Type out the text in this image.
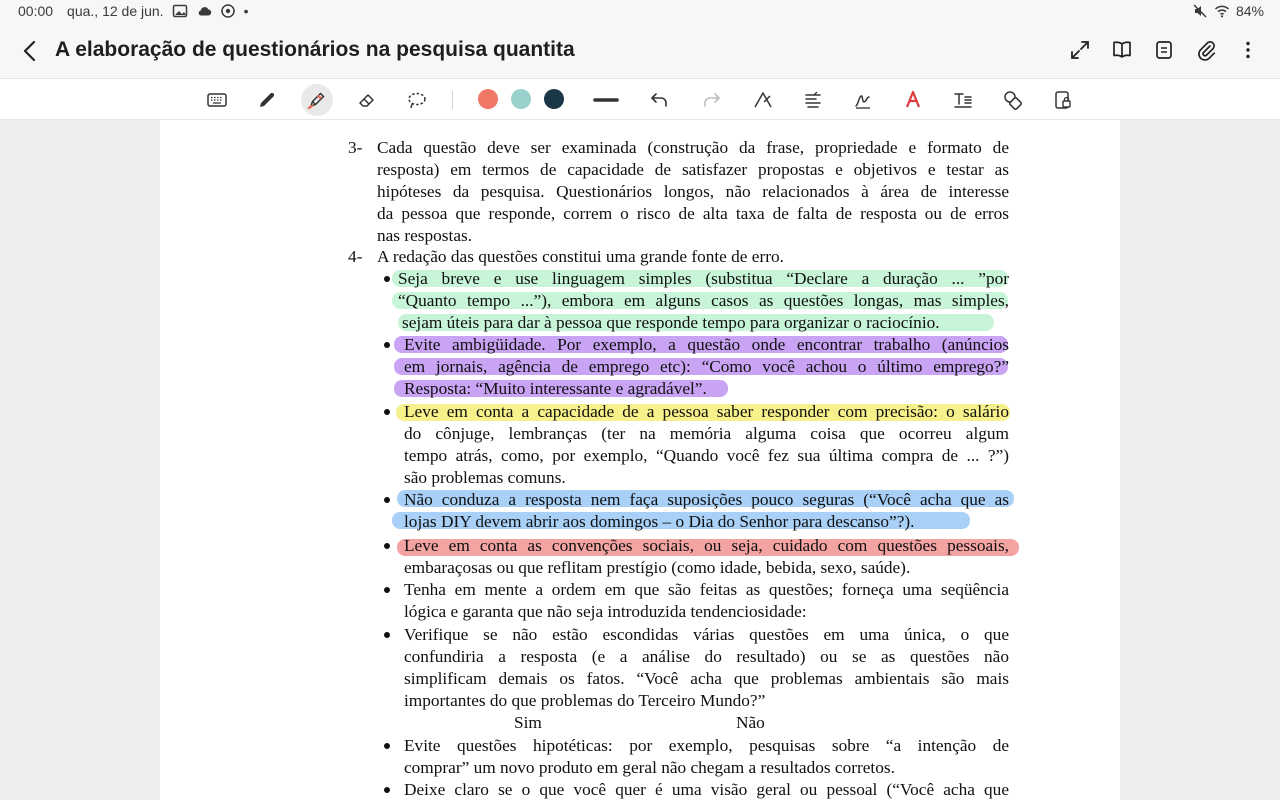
00:00 qua., 12 de jun.	•	84%
A elaboração de questionários na pesquisa quantita
3- Cada questão deve ser examinada (construção da frase, propriedade e formato de
resposta) em termos de capacidade de satisfazer propostas e objetivos e testar as
hipóteses da pesquisa. Questionários longos, não relacionados à área de interesse
da pessoa que responde, correm o risco de alta taxa de falta de resposta ou de erros
nas respostas.
4- A redação das questões constitui uma grande fonte de erro.
Seja breve e use linguagem simples (substitua “Declare a duração ... ”por
“Quanto tempo ...”), embora em alguns casos as questões longas, mas simples,
sejam úteis para dar à pessoa que responde tempo para organizar o raciocínio.
Evite ambigüidade. Por exemplo, a questão onde encontrar trabalho (anúncios
em jornais, agência de emprego etc): “Como você achou o último emprego?”
Resposta: “Muito interessante e agradável”.
Leve em conta a capacidade de a pessoa saber responder com precisão: o salário
do cônjuge, lembranças (ter na memória alguma coisa que ocorreu algum
tempo atrás, como, por exemplo, “Quando você fez sua última compra de ... ?”)
são problemas comuns.
Não conduza a resposta nem faça suposições pouco seguras (“Você acha que as
lojas DIY devem abrir aos domingos – o Dia do Senhor para descanso”?).
Leve em conta as convenções sociais, ou seja, cuidado com questões pessoais,
embaraçosas ou que reflitam prestígio (como idade, bebida, sexo, saúde).
Tenha em mente a ordem em que são feitas as questões; forneça uma seqüência
lógica e garanta que não seja introduzida tendenciosidade:
Verifique se não estão escondidas várias questões em uma única, o que
confundiria a resposta (e a análise do resultado) ou se as questões não
simplificam demais os fatos. “Você acha que problemas ambientais são mais
importantes do que problemas do Terceiro Mundo?”
Sim	Não
Evite questões hipotéticas: por exemplo, pesquisas sobre “a intenção de
comprar” um novo produto em geral não chegam a resultados corretos.
Deixe claro se o que você quer é uma visão geral ou pessoal (“Você acha que
